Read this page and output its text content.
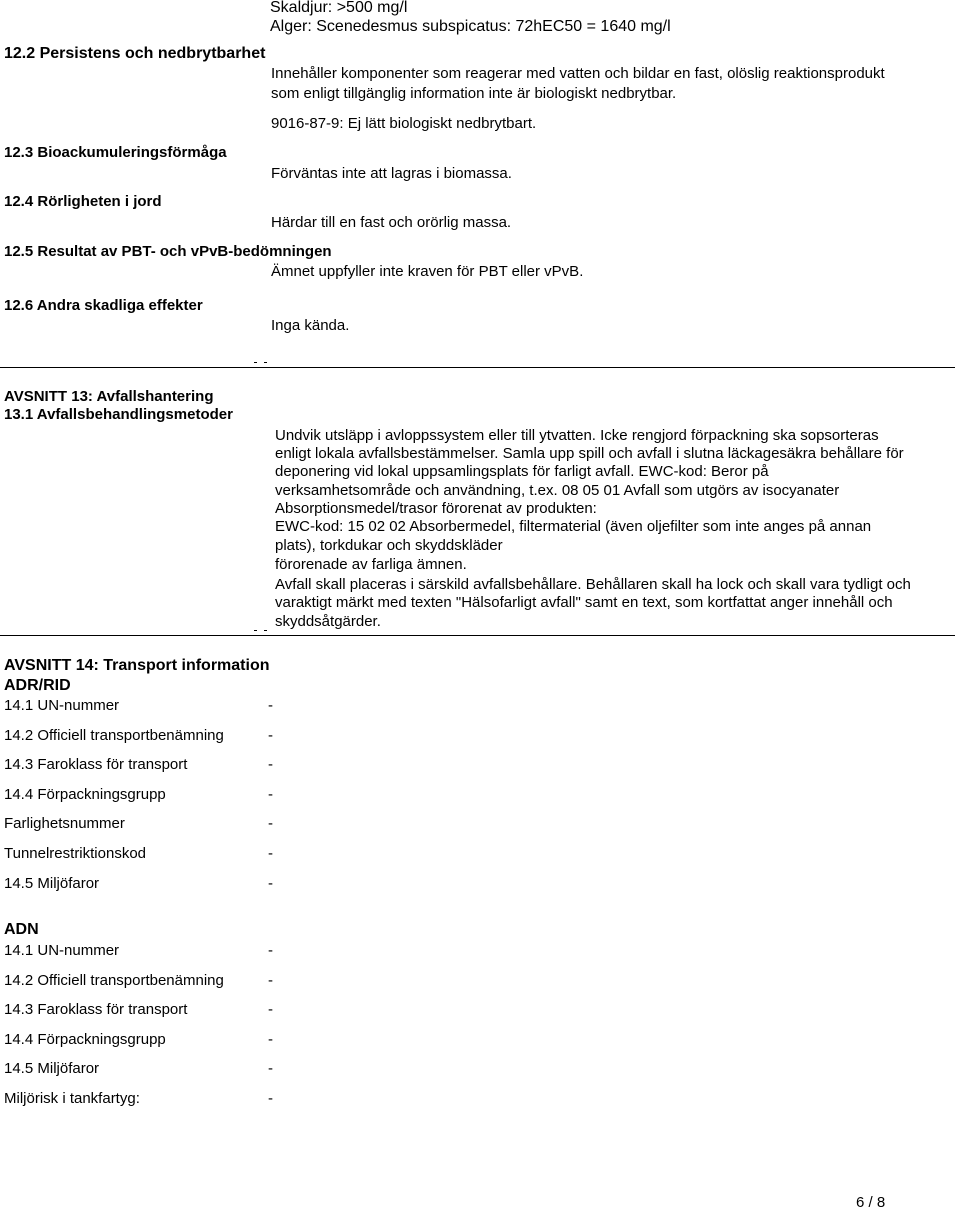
Skaldjur: >500 mg/l
Alger: Scenedesmus subspicatus: 72hEC50 = 1640 mg/l
12.2 Persistens och nedbrytbarhet
Innehåller komponenter som reagerar med vatten och bildar en fast, olöslig reaktionsprodukt
som enligt tillgänglig information inte är biologiskt nedbrytbar.
9016-87-9: Ej lätt biologiskt nedbrytbart.
12.3 Bioackumuleringsförmåga
Förväntas inte att lagras i biomassa.
12.4 Rörligheten i jord
Härdar till en fast och orörlig massa.
12.5 Resultat av PBT- och vPvB-bedömningen
Ämnet uppfyller inte kraven för PBT eller vPvB.
12.6 Andra skadliga effekter
Inga kända.
AVSNITT 13: Avfallshantering
13.1 Avfallsbehandlingsmetoder
Undvik utsläpp i avloppssystem eller till ytvatten. Icke rengjord förpackning ska sopsorteras
enligt lokala avfallsbestämmelser. Samla upp spill och avfall i slutna läckagesäkra behållare för
deponering vid lokal uppsamlingsplats för farligt avfall. EWC-kod: Beror på
verksamhetsområde och användning, t.ex. 08 05 01 Avfall som utgörs av isocyanater
Absorptionsmedel/trasor förorenat av produkten:
EWC-kod: 15 02 02 Absorbermedel, filtermaterial (även oljefilter som inte anges på annan
plats), torkdukar och skyddskläder
förorenade av farliga ämnen.
Avfall skall placeras i särskild avfallsbehållare. Behållaren skall ha lock och skall vara tydligt och
varaktigt märkt med texten "Hälsofarligt avfall" samt en text, som kortfattat anger innehåll och
skyddsåtgärder.
AVSNITT 14: Transport information
ADR/RID
14.1 UN-nummer	-
14.2 Officiell transportbenämning	-
14.3 Faroklass för transport	-
14.4 Förpackningsgrupp	-
Farlighetsnummer	-
Tunnelrestriktionskod	-
14.5 Miljöfaror	-
ADN
14.1 UN-nummer	-
14.2 Officiell transportbenämning	-
14.3 Faroklass för transport	-
14.4 Förpackningsgrupp	-
14.5 Miljöfaror	-
Miljörisk i tankfartyg:	-
6 / 8
